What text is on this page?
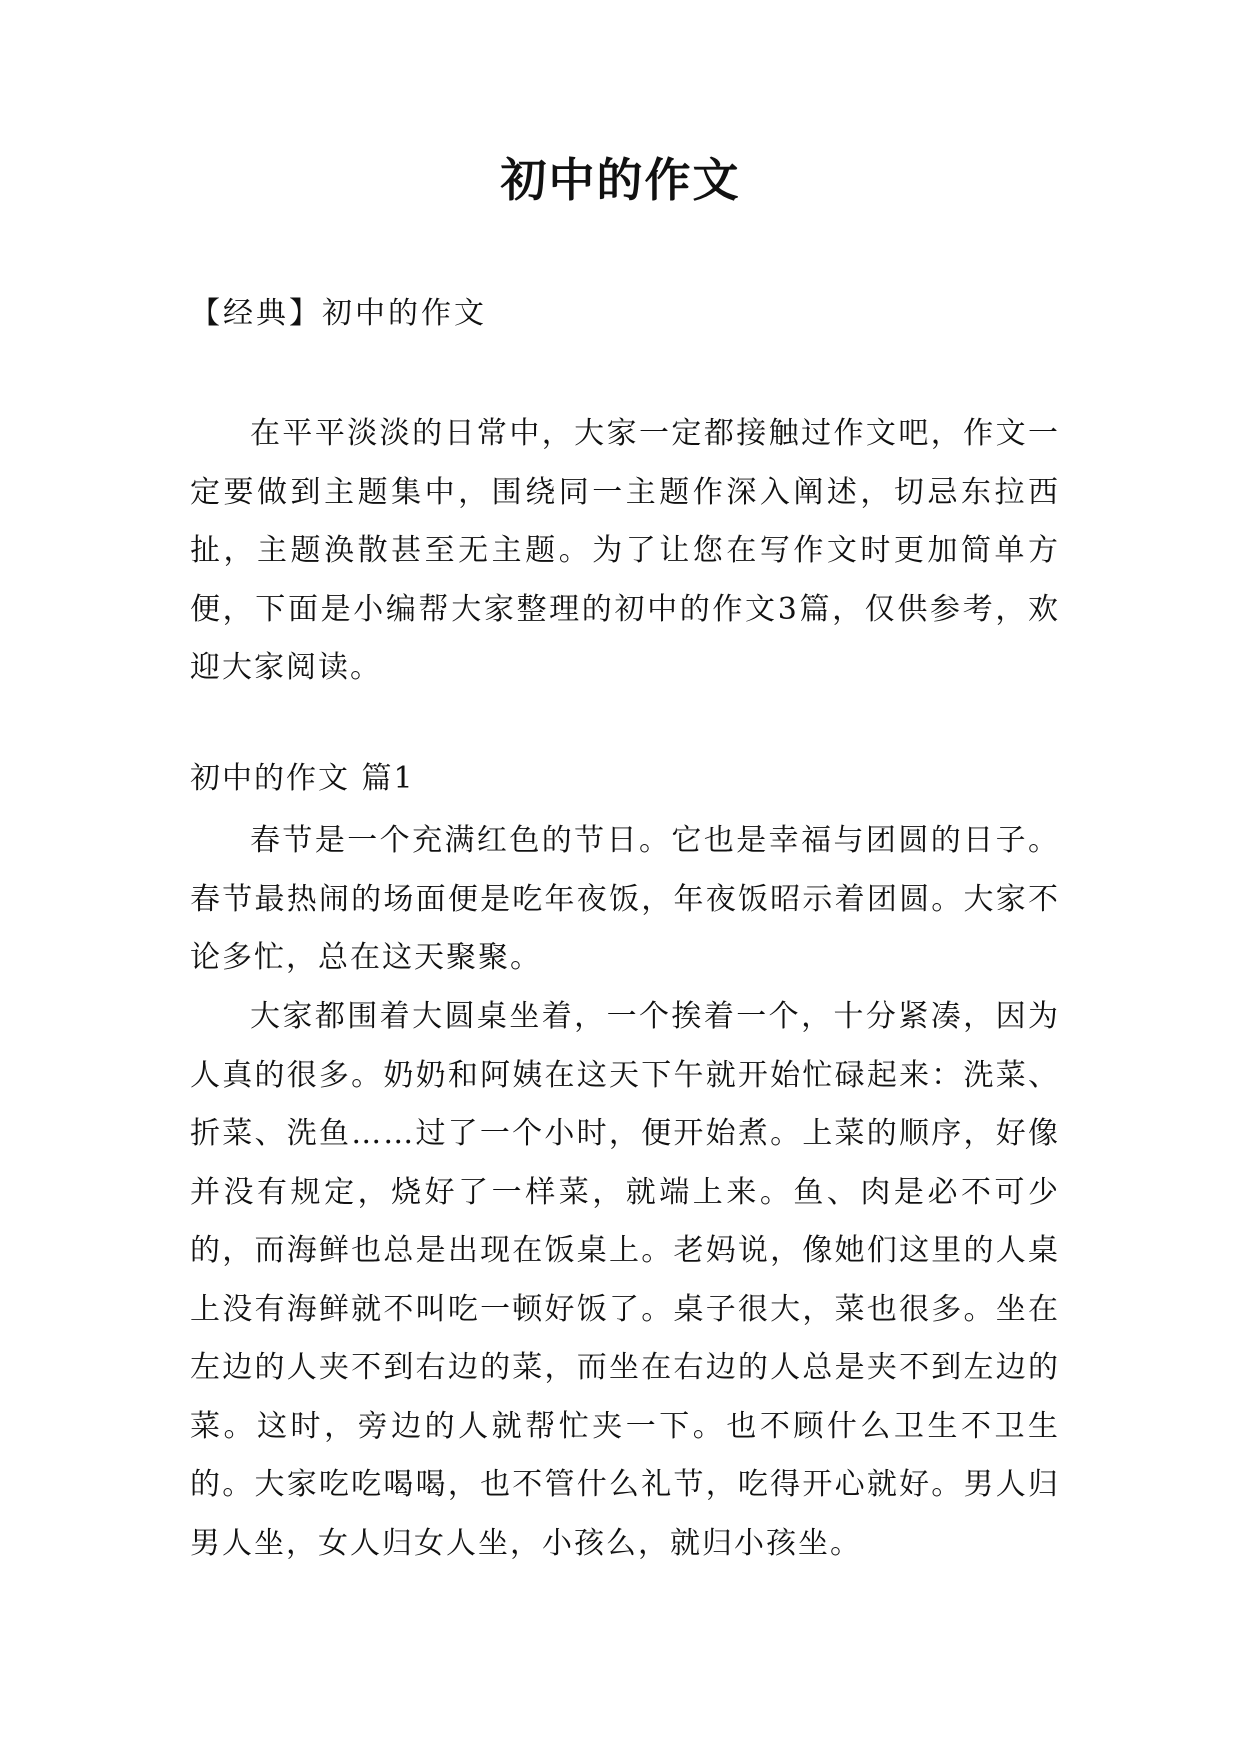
初中的作文

【经典】初中的作文

在平平淡淡的日常中，大家一定都接触过作文吧，作文一定要做到主题集中，围绕同一主题作深入阐述，切忌东拉西扯，主题涣散甚至无主题。为了让您在写作文时更加简单方便，下面是小编帮大家整理的初中的作文3篇，仅供参考，欢迎大家阅读。

初中的作文 篇1

春节是一个充满红色的节日。它也是幸福与团圆的日子。春节最热闹的场面便是吃年夜饭，年夜饭昭示着团圆。大家不论多忙，总在这天聚聚。

大家都围着大圆桌坐着，一个挨着一个，十分紧凑，因为人真的很多。奶奶和阿姨在这天下午就开始忙碌起来：洗菜、折菜、洗鱼……过了一个小时，便开始煮。上菜的顺序，好像并没有规定，烧好了一样菜，就端上来。鱼、肉是必不可少的，而海鲜也总是出现在饭桌上。老妈说，像她们这里的人桌上没有海鲜就不叫吃一顿好饭了。桌子很大，菜也很多。坐在左边的人夹不到右边的菜，而坐在右边的人总是夹不到左边的菜。这时，旁边的人就帮忙夹一下。也不顾什么卫生不卫生的。大家吃吃喝喝，也不管什么礼节，吃得开心就好。男人归男人坐，女人归女人坐，小孩么，就归小孩坐。
